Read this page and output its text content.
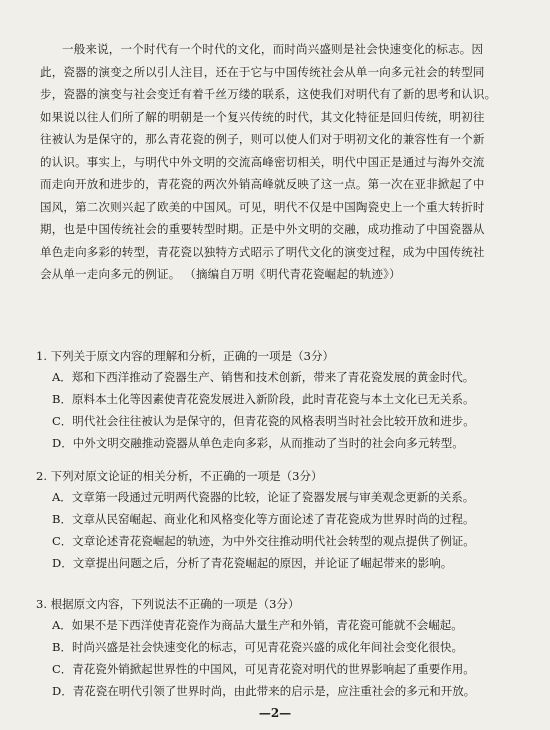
一般来说，一个时代有一个时代的文化，而时尚兴盛则是社会快速变化的标志。因
此，瓷器的演变之所以引人注目，还在于它与中国传统社会从单一向多元社会的转型同
步，瓷器的演变与社会变迁有着千丝万缕的联系，这使我们对明代有了新的思考和认识。
如果说以往人们所了解的明朝是一个复兴传统的时代，其文化特征是回归传统，明初往
往被认为是保守的，那么青花瓷的例子，则可以使人们对于明初文化的兼容性有一个新
的认识。事实上，与明代中外文明的交流高峰密切相关，明代中国正是通过与海外交流
而走向开放和进步的，青花瓷的两次外销高峰就反映了这一点。第一次在亚非掀起了中
国风，第二次则兴起了欧美的中国风。可见，明代不仅是中国陶瓷史上一个重大转折时
期，也是中国传统社会的重要转型时期。正是中外文明的交融，成功推动了中国瓷器从
单色走向多彩的转型，青花瓷以独特方式昭示了明代文化的演变过程，成为中国传统社
会从单一走向多元的例证。 （摘编自万明《明代青花瓷崛起的轨迹》）
1. 下列关于原文内容的理解和分析，正确的一项是（3分）
A．郑和下西洋推动了瓷器生产、销售和技术创新，带来了青花瓷发展的黄金时代。
B．原料本土化等因素使青花瓷发展进入新阶段，此时青花瓷与本土文化已无关系。
C．明代社会往往被认为是保守的，但青花瓷的风格表明当时社会比较开放和进步。
D．中外文明交融推动瓷器从单色走向多彩，从而推动了当时的社会向多元转型。
2. 下列对原文论证的相关分析，不正确的一项是（3分）
A．文章第一段通过元明两代瓷器的比较，论证了瓷器发展与审美观念更新的关系。
B．文章从民窑崛起、商业化和风格变化等方面论述了青花瓷成为世界时尚的过程。
C．文章论述青花瓷崛起的轨迹，为中外交往推动明代社会转型的观点提供了例证。
D．文章提出问题之后，分析了青花瓷崛起的原因，并论证了崛起带来的影响。
3. 根据原文内容，下列说法不正确的一项是（3分）
A．如果不是下西洋使青花瓷作为商品大量生产和外销，青花瓷可能就不会崛起。
B．时尚兴盛是社会快速变化的标志，可见青花瓷兴盛的成化年间社会变化很快。
C．青花瓷外销掀起世界性的中国风，可见青花瓷对明代的世界影响起了重要作用。
D．青花瓷在明代引领了世界时尚，由此带来的启示是，应注重社会的多元和开放。
—2—
